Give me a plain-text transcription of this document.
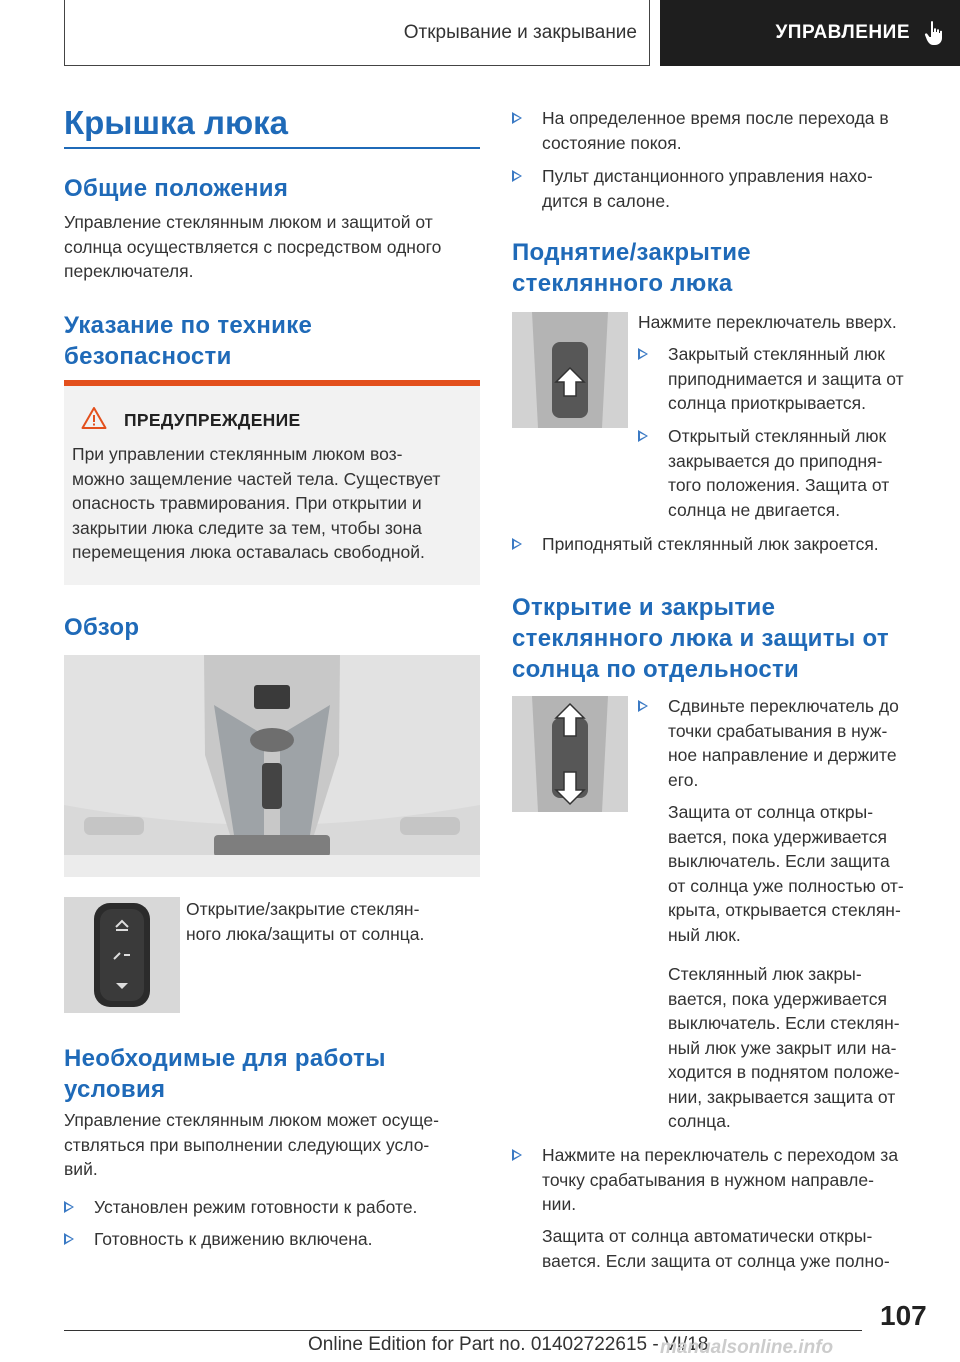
Открывание и закрывание	УПРАВЛЕНИЕ
Крышка люка
Общие положения
Управление стеклянным люком и защитой от
солнца осуществляется с посредством одного
переключателя.
Указание по технике
безопасности
ПРЕДУПРЕЖДЕНИЕ
При управлении стеклянным люком воз-
можно защемление частей тела. Существует
опасность травмирования. При открытии и
закрытии люка следите за тем, чтобы зона
перемещения люка оставалась свободной.
Обзор
Открытие/закрытие стеклян-
ного люка/защиты от солнца.
Необходимые для работы
условия
Управление стеклянным люком может осуще-
ствляться при выполнении следующих усло-
вий.
Установлен режим готовности к работе.
Готовность к движению включена.
На определенное время после перехода в
состояние покоя.
Пульт дистанционного управления нахо-
дится в салоне.
Поднятие/закрытие
стеклянного люка
Нажмите переключатель вверх.
Закрытый стеклянный люк
приподнимается и защита от
солнца приоткрывается.
Открытый стеклянный люк
закрывается до приподня-
того положения. Защита от
солнца не двигается.
Приподнятый стеклянный люк закроется.
Открытие и закрытие
стеклянного люка и защиты от
солнца по отдельности
Сдвиньте переключатель до
точки срабатывания в нуж-
ное направление и держите
его.
Защита от солнца откры-
вается, пока удерживается
выключатель. Если защита
от солнца уже полностью от-
крыта, открывается стеклян-
ный люк.
Стеклянный люк закры-
вается, пока удерживается
выключатель. Если стеклян-
ный люк уже закрыт или на-
ходится в поднятом положе-
нии, закрывается защита от
солнца.
Нажмите на переключатель с переходом за
точку срабатывания в нужном направле-
нии.
Защита от солнца автоматически откры-
вается. Если защита от солнца уже полно-
107
Online Edition for Part no. 01402722615 - VI/18
manualsonline.info
